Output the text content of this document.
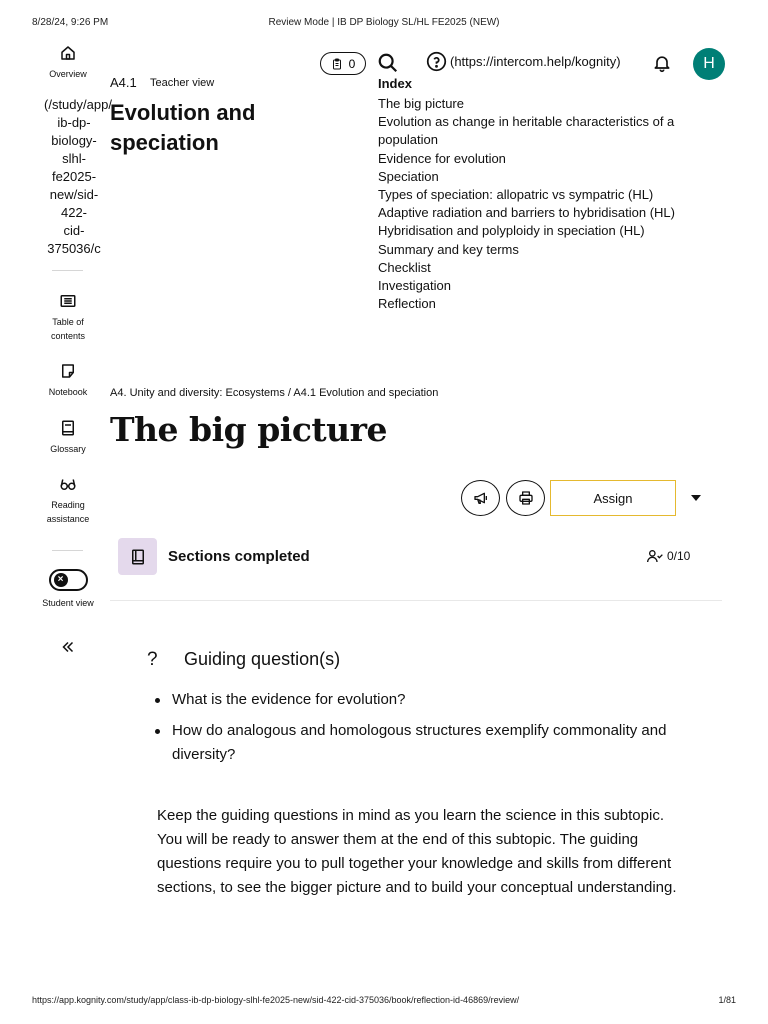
8/28/24, 9:26 PM	Review Mode | IB DP Biology SL/HL FE2025 (NEW)
Overview
(/study/app/
ib-dp-
biology-
slhl-
fe2025-
new/sid-
422-
cid-
375036/c
Table of contents
Notebook
Glossary
Reading assistance
×
Student view
A4.1 Teacher view
Evolution and speciation
0	(https://intercom.help/kognity)	H
Index
The big picture
Evolution as change in heritable characteristics of a population
Evidence for evolution
Speciation
Types of speciation: allopatric vs sympatric (HL)
Adaptive radiation and barriers to hybridisation (HL)
Hybridisation and polyploidy in speciation (HL)
Summary and key terms
Checklist
Investigation
Reflection
A4. Unity and diversity: Ecosystems / A4.1 Evolution and speciation
The big picture
Assign
Sections completed	0/10
? Guiding question(s)
What is the evidence for evolution?
How do analogous and homologous structures exemplify commonality and diversity?

Keep the guiding questions in mind as you learn the science in this subtopic. You will be ready to answer them at the end of this subtopic. The guiding questions require you to pull together your knowledge and skills from different sections, to see the bigger picture and to build your conceptual understanding.

https://app.kognity.com/study/app/class-ib-dp-biology-slhl-fe2025-new/sid-422-cid-375036/book/reflection-id-46869/review/	1/81
